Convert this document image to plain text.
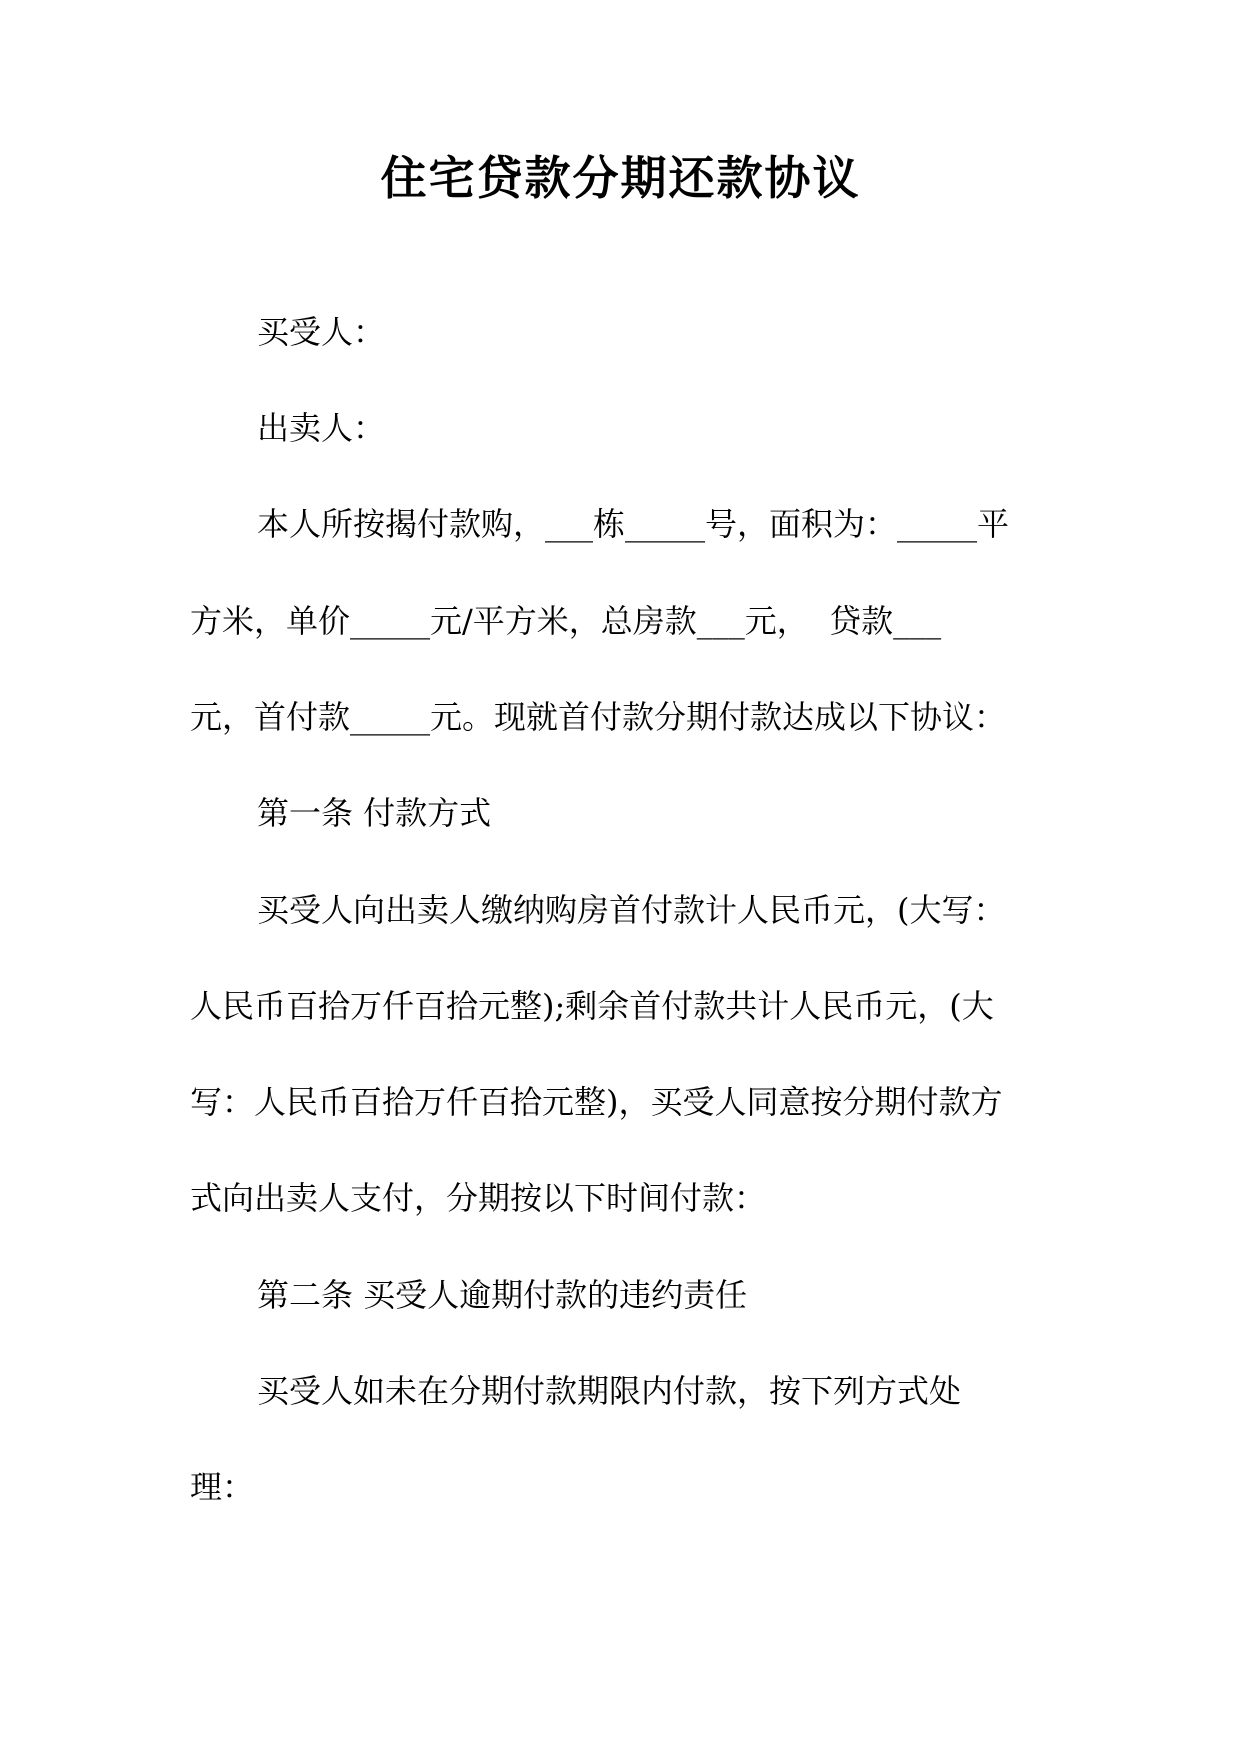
住宅贷款分期还款协议
买受人：
出卖人：
本人所按揭付款购，___栋_____号，面积为：_____平
方米，单价_____元/平方米，总房款___元，  贷款___
元，首付款_____元。现就首付款分期付款达成以下协议：
第一条 付款方式
买受人向出卖人缴纳购房首付款计人民币元，(大写：
人民币百拾万仟百拾元整);剩余首付款共计人民币元，(大
写：人民币百拾万仟百拾元整)，买受人同意按分期付款方
式向出卖人支付，分期按以下时间付款：
第二条 买受人逾期付款的违约责任
买受人如未在分期付款期限内付款，按下列方式处
理：
